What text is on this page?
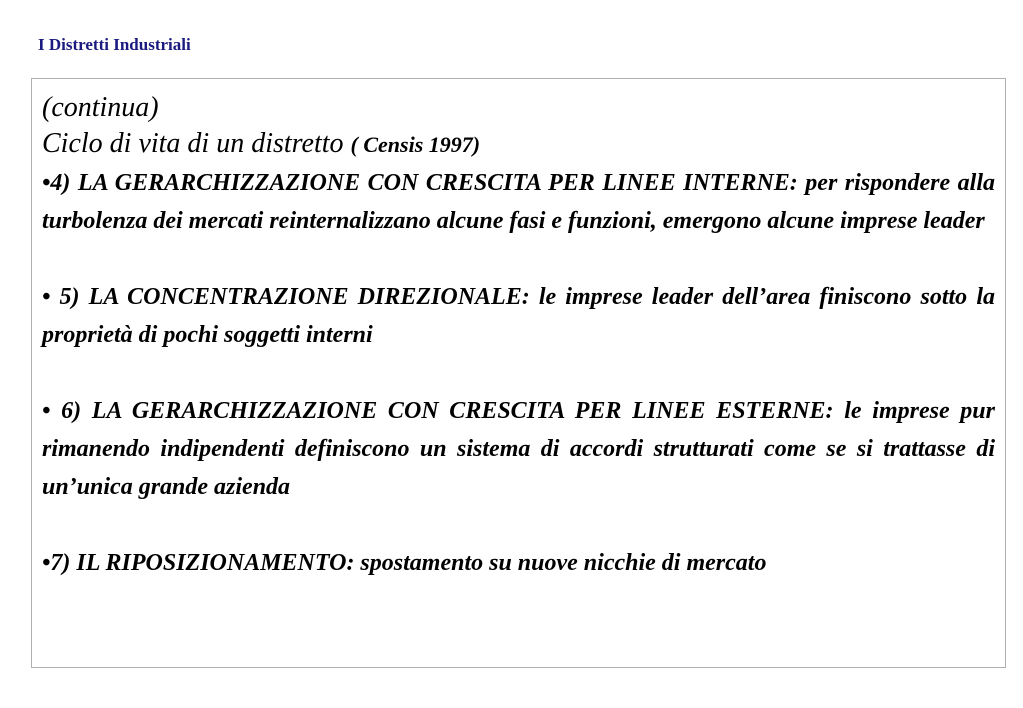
I Distretti Industriali
(continua)
Ciclo di vita di un distretto ( Censis 1997)
•4) LA GERARCHIZZAZIONE CON CRESCITA PER LINEE INTERNE: per rispondere alla turbolenza dei mercati reinternalizzano alcune fasi e funzioni, emergono alcune imprese leader
• 5) LA CONCENTRAZIONE DIREZIONALE: le imprese leader dell’area finiscono sotto la proprietà di pochi soggetti interni
• 6) LA GERARCHIZZAZIONE CON CRESCITA PER LINEE ESTERNE: le imprese pur rimanendo indipendenti definiscono un sistema di accordi strutturati come se si trattasse di un’unica grande azienda
•7) IL RIPOSIZIONAMENTO: spostamento su nuove nicchie di mercato
